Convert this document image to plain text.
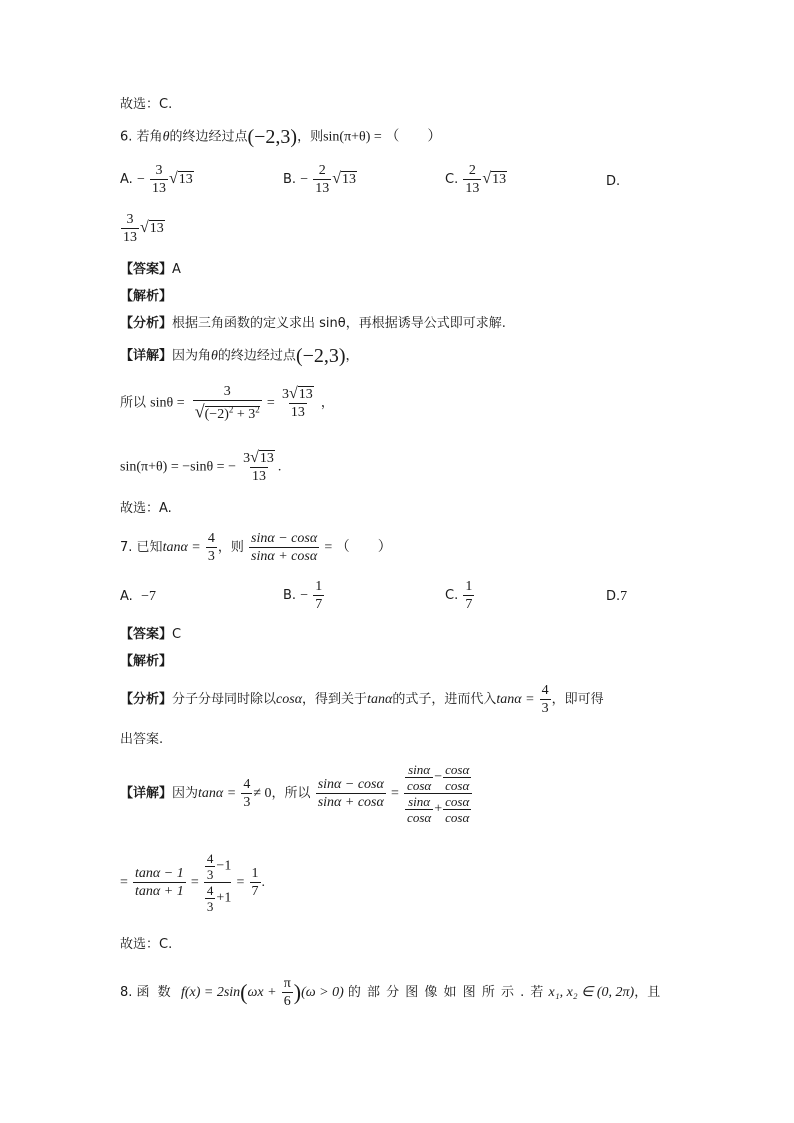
故选：C.
6. 若角θ的终边经过点(−2,3)，则sin(π+θ) = （　　）
A. − $\frac{3}{13} √13$	B. − $\frac{2}{13} √13$	C. $\frac{2}{13} √13$	D.
$\frac{3}{13} √13$
【答案】A
【解析】
【分析】根据三角函数的定义求出 sinθ，再根据诱导公式即可求解.
【详解】因为角θ的终边经过点(−2,3)，
所以 $\sin\theta = \frac{3}{√(-2)^2 + 3^2} = \frac{3√13}{13}$ ，
sin(π+θ) = −sinθ = − $\frac{3√13}{13}$ .
故选：A.
7. 已知$\tan\alpha = \frac{4}{3}$ ，则 $\frac{\sin\alpha - \cos\alpha}{\sin\alpha + \cos\alpha}$ = （　　）
A. −7	B. − $\frac{1}{7}$	C. $\frac{1}{7}$	D.7
【答案】C
【解析】
【分析】分子分母同时除以cosα，得到关于tanα的式子，进而代入$\tan\alpha = \frac{4}{3}$ ，即可得
出答案.
【详解】因为$\tan\alpha = \frac{4}{3} \ne 0$，所以 $\frac{\sin\alpha - \cos\alpha}{\sin\alpha + \cos\alpha} = \frac{\frac{\sin\alpha}{\cos\alpha} - \frac{\cos\alpha}{\cos\alpha}}{\frac{\sin\alpha}{\cos\alpha} + \frac{\cos\alpha}{\cos\alpha}}$
= $\frac{\tan\alpha - 1}{\tan\alpha + 1} = \frac{\frac{4}{3} -1}{\frac{4}{3} +1} = \frac{1}{7}$ .
故选：C.
8. 函 数 $f(x) = 2\sin(\omega x + \frac{\pi}{6} )(\omega > 0)$ 的 部 分 图 像 如 图 所 示 . 若 x₁, x₂ ∈ (0, 2π)，且
